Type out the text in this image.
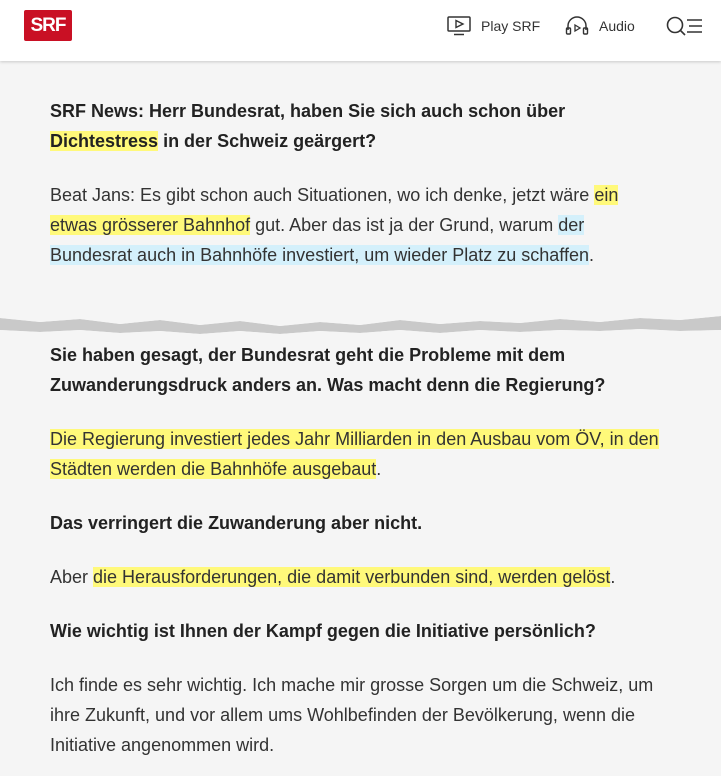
SRF	Play SRF	Audio

SRF News: Herr Bundesrat, haben Sie sich auch schon über Dichtestress in der Schweiz geärgert?

Beat Jans: Es gibt schon auch Situationen, wo ich denke, jetzt wäre ein etwas grösserer Bahnhof gut. Aber das ist ja der Grund, warum der Bundesrat auch in Bahnhöfe investiert, um wieder Platz zu schaffen.

Sie haben gesagt, der Bundesrat geht die Probleme mit dem Zuwanderungsdruck anders an. Was macht denn die Regierung?

Die Regierung investiert jedes Jahr Milliarden in den Ausbau vom ÖV, in den Städten werden die Bahnhöfe ausgebaut.

Das verringert die Zuwanderung aber nicht.

Aber die Herausforderungen, die damit verbunden sind, werden gelöst.

Wie wichtig ist Ihnen der Kampf gegen die Initiative persönlich?

Ich finde es sehr wichtig. Ich mache mir grosse Sorgen um die Schweiz, um ihre Zukunft, und vor allem ums Wohlbefinden der Bevölkerung, wenn die Initiative angenommen wird.
